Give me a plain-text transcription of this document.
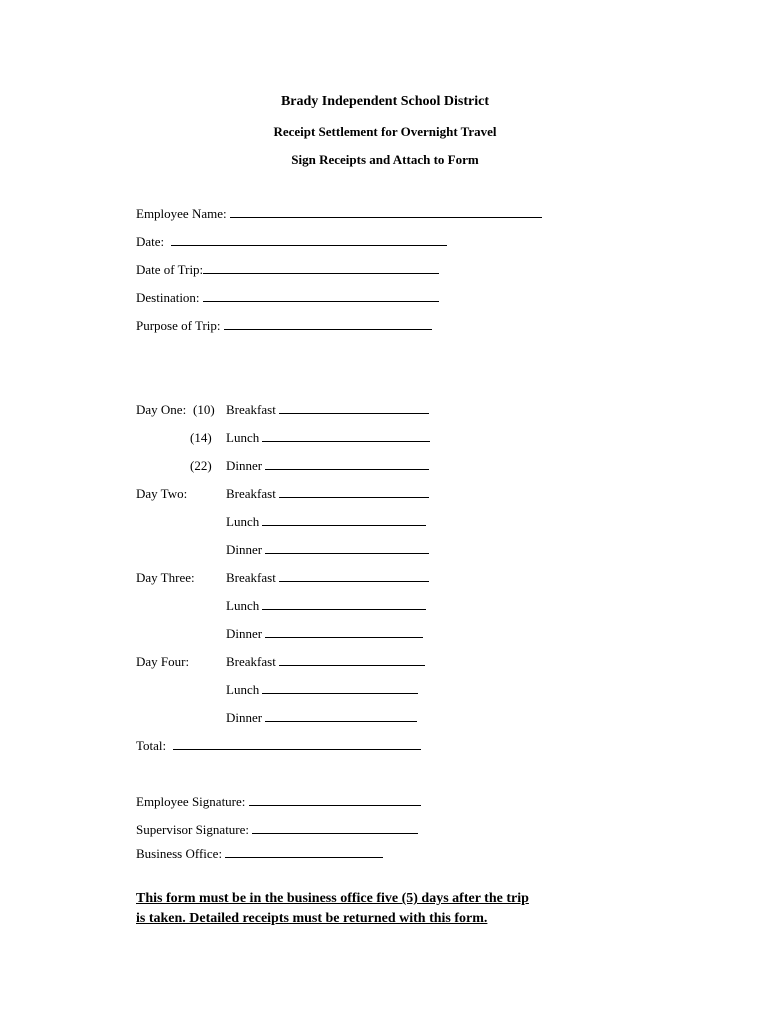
Brady Independent School District
Receipt Settlement for Overnight Travel
Sign Receipts and Attach to Form
Employee Name:
Date:
Date of Trip:
Destination:
Purpose of Trip:
Day One: (10) Breakfast
(14) Lunch
(22) Dinner
Day Two:	Breakfast
Lunch
Dinner
Day Three: Breakfast
Lunch
Dinner
Day Four:	Breakfast
Lunch
Dinner
Total:
Employee Signature:
Supervisor Signature:
Business Office:
This form must be in the business office five (5) days after the trip is taken. Detailed receipts must be returned with this form.
